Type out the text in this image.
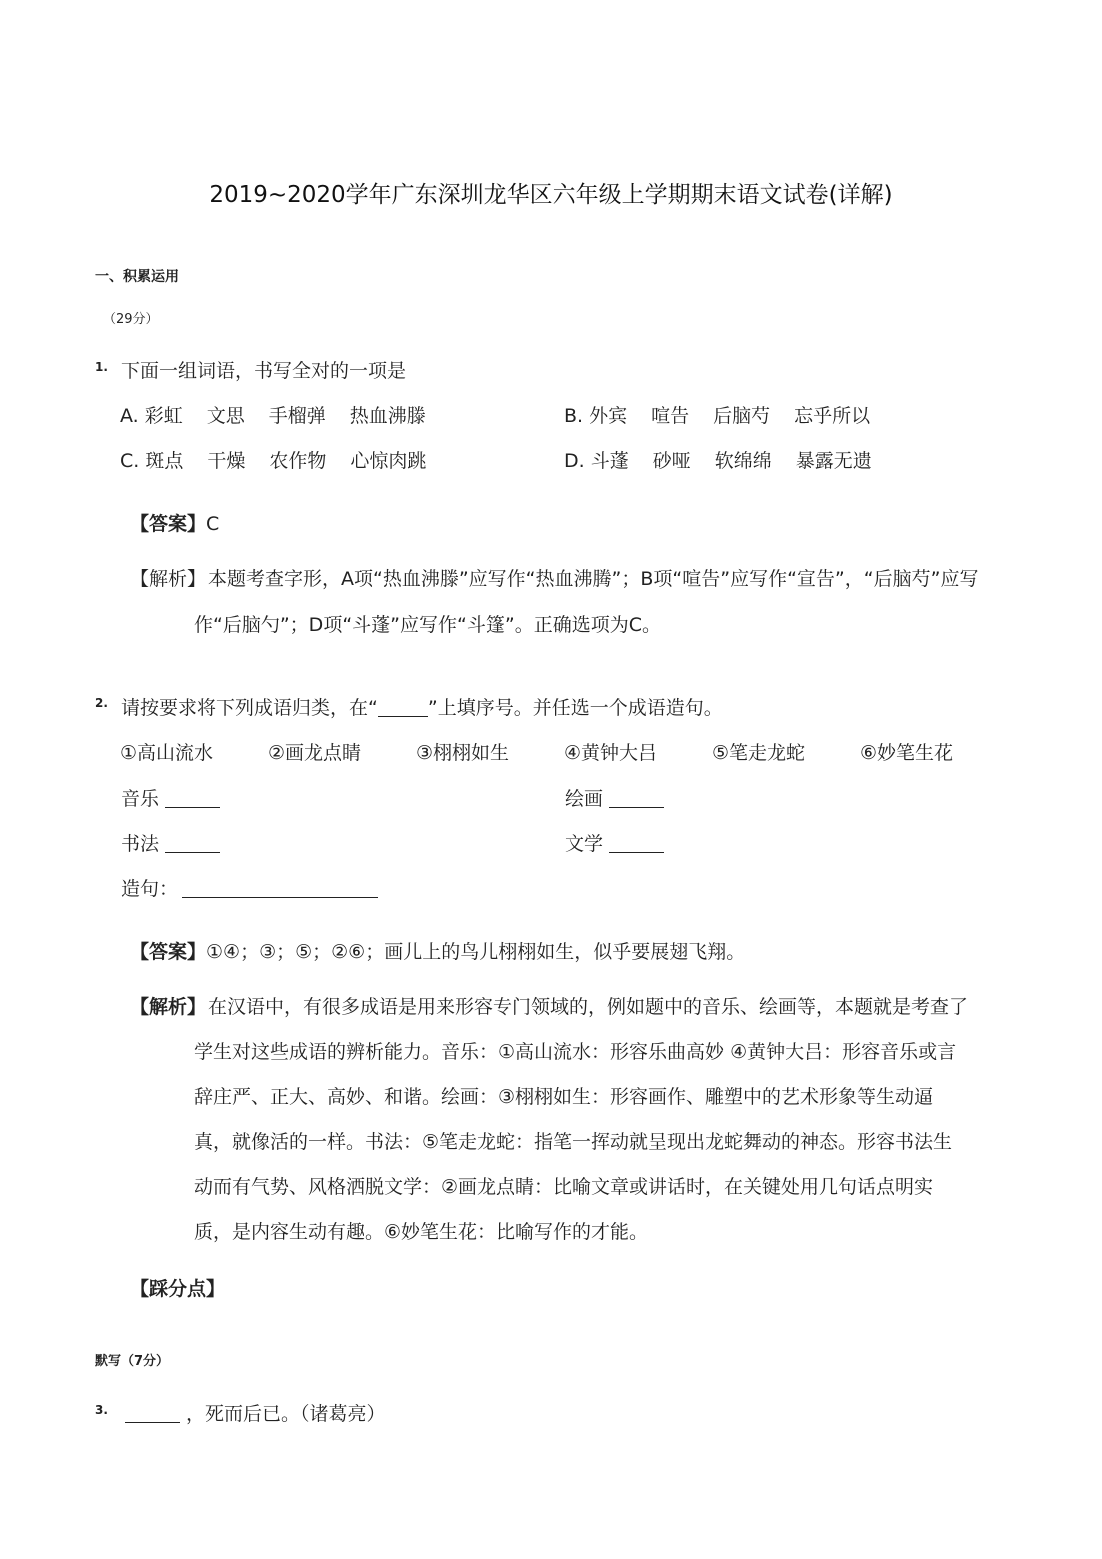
2019~2020学年广东深圳龙华区六年级上学期期末语文试卷(详解)
一、积累运用
（29分）
1. 下面一组词语，书写全对的一项是
A. 彩虹 文思 手榴弹 热血沸滕	B. 外宾 喧告 后脑芍 忘乎所以
C. 斑点 干燥 农作物 心惊肉跳	D. 斗蓬 砂哑 软绵绵 暴露无遗
【答案】C
【解析】 本题考查字形，A项“热血沸滕”应写作“热血沸腾”；B项“喧告”应写作“宣告”，“后脑芍”应写
作“后脑勺”；D项“斗蓬”应写作“斗篷”。正确选项为C。
2. 请按要求将下列成语归类，在“	”上填序号。并任选一个成语造句。
①高山流水	②画龙点睛	③栩栩如生	④黄钟大吕	⑤笔走龙蛇	⑥妙笔生花
音乐	绘画
书法	文学
造句：
【答案】①④；③；⑤；②⑥；画儿上的鸟儿栩栩如生，似乎要展翅飞翔。
【解析】 在汉语中，有很多成语是用来形容专门领域的，例如题中的音乐、绘画等，本题就是考查了
学生对这些成语的辨析能力。音乐：①高山流水：形容乐曲高妙 ④黄钟大吕：形容音乐或言
辞庄严、正大、高妙、和谐。绘画：③栩栩如生：形容画作、雕塑中的艺术形象等生动逼
真，就像活的一样。书法：⑤笔走龙蛇：指笔一挥动就呈现出龙蛇舞动的神态。形容书法生
动而有气势、风格洒脱文学：②画龙点睛：比喻文章或讲话时，在关键处用几句话点明实
质，是内容生动有趣。⑥妙笔生花：比喻写作的才能。
【踩分点】
默写（7分）
3.	，死而后已。（诸葛亮）
